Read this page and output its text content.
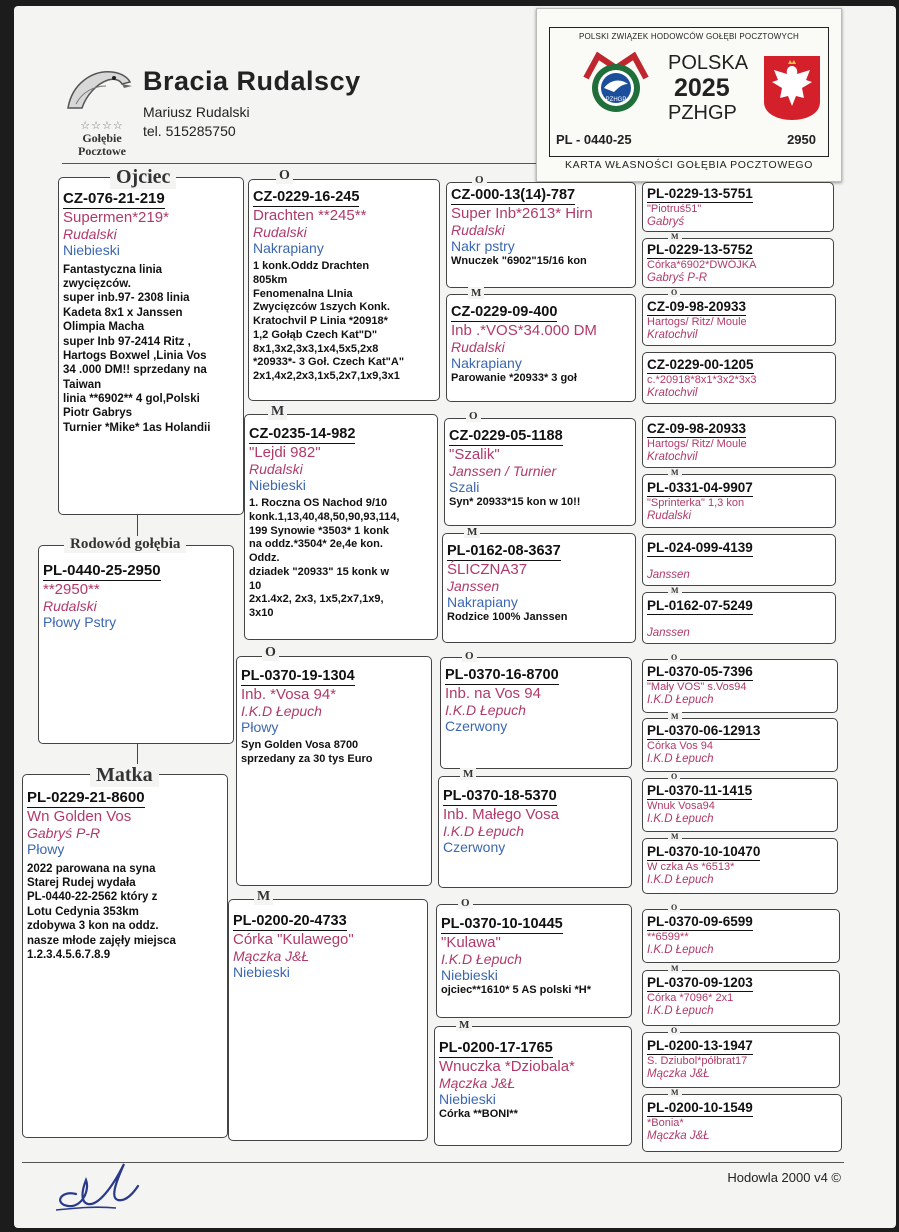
☆☆☆☆
Gołębie
Pocztowe
Bracia Rudalscy
Mariusz Rudalski
tel. 515285750
POLSKI ZWIĄZEK HODOWCÓW GOŁĘBI POCZTOWYCH
PZHGP
POLSKA
2025
PZHGP
PL - 0440-25	2950
KARTA WŁASNOŚCI GOŁĘBIA POCZTOWEGO
CZ-076-21-219
Supermen*219*
Rudalski
Niebieski
Fantastyczna linia
zwycięzców.
super inb.97- 2308 linia
Kadeta 8x1 x Janssen
Olimpia Macha
super Inb 97-2414 Ritz ,
Hartogs Boxwel ,Linia Vos
34 .000 DM!! sprzedany na
Taiwan
linia **6902** 4 gol,Polski
Piotr Gabrys
Turnier *Mike* 1as Holandii
Ojciec
PL-0440-25-2950
**2950**
Rudalski
Płowy Pstry
Rodowód gołębia
PL-0229-21-8600
Wn Golden Vos
Gabryś P-R
Płowy
2022 parowana na syna
Starej Rudej wydała
PL-0440-22-2562 który z
Lotu Cedynia 353km
zdobywa 3 kon na oddz.
nasze młode zajęły miejsca
1.2.3.4.5.6.7.8.9
Matka
CZ-0229-16-245
Drachten **245**
Rudalski
Nakrapiany
1 konk.Oddz Drachten
805km
Fenomenalna LInia
Zwycięzców 1szych Konk.
Kratochvil P Linia *20918*
1,2 Gołąb Czech Kat"D"
8x1,3x2,3x3,1x4,5x5,2x8
*20933*- 3 Goł. Czech Kat"A"
2x1,4x2,2x3,1x5,2x7,1x9,3x1
O
CZ-0235-14-982
"Lejdi 982"
Rudalski
Niebieski
1. Roczna OS Nachod 9/10
konk.1,13,40,48,50,90,93,114,
199 Synowie *3503* 1 konk
na oddz.*3504* 2e,4e kon.
Oddz.
dziadek "20933" 15 konk w
10
2x1.4x2, 2x3, 1x5,2x7,1x9,
3x10
M
PL-0370-19-1304
Inb. *Vosa 94*
I.K.D Łepuch
Płowy
Syn Golden Vosa 8700
sprzedany za 30 tys Euro
O
PL-0200-20-4733
Córka "Kulawego"
Mączka J&Ł
Niebieski
M
CZ-000-13(14)-787
Super Inb*2613* Hirn
Rudalski
Nakr pstry
Wnuczek "6902"15/16 kon
O
CZ-0229-09-400
Inb .*VOS*34.000 DM
Rudalski
Nakrapiany
Parowanie *20933* 3 goł
M
CZ-0229-05-1188
"Szalik"
Janssen / Turnier
Szali
Syn* 20933*15 kon w 10!!
O
PL-0162-08-3637
ŚLICZNA37
Janssen
Nakrapiany
Rodzice 100% Janssen
M
PL-0370-16-8700
Inb. na Vos 94
I.K.D Łepuch
Czerwony
O
PL-0370-18-5370
Inb. Małego Vosa
I.K.D Łepuch
Czerwony
M
PL-0370-10-10445
"Kulawa"
I.K.D Łepuch
Niebieski
ojciec**1610* 5 AS polski *H*
O
PL-0200-17-1765
Wnuczka *Dziobala*
Mączka J&Ł
Niebieski
Córka **BONI**
M
PL-0229-13-5751
"Piotruś51"
Gabryś
PL-0229-13-5752
Córka*6902*DWÓJKA
Gabryś P-R
M
CZ-09-98-20933
Hartogs/ Ritz/ Moule
Kratochvil
O
CZ-0229-00-1205
c.*20918*8x1*3x2*3x3
Kratochvil
CZ-09-98-20933
Hartogs/ Ritz/ Moule
Kratochvil
PL-0331-04-9907
"Sprinterka" 1,3 kon
Rudalski
M
PL-024-099-4139
Janssen
PL-0162-07-5249
Janssen
M
PL-0370-05-7396
"Mały VOS" s.Vos94
I.K.D Łepuch
O
PL-0370-06-12913
Córka Vos 94
I.K.D Łepuch
M
PL-0370-11-1415
Wnuk Vosa94
I.K.D Łepuch
O
PL-0370-10-10470
W czka As *6513*
I.K.D Łepuch
M
PL-0370-09-6599
**6599**
I.K.D Łepuch
O
PL-0370-09-1203
Córka *7096* 2x1
I.K.D Łepuch
M
PL-0200-13-1947
S. Dziubol*półbrat17
Mączka J&Ł
O
PL-0200-10-1549
*Bonia*
Mączka J&Ł
M
Hodowla 2000 v4 ©
